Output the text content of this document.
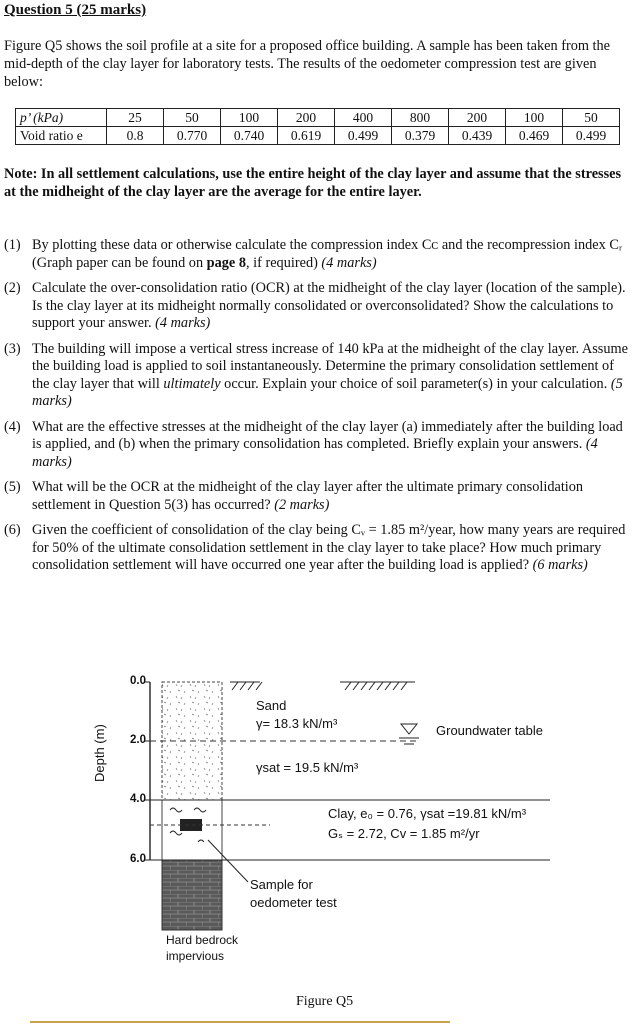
Question 5 (25 marks)
Figure Q5 shows the soil profile at a site for a proposed office building. A sample has been taken from the mid-depth of the clay layer for laboratory tests. The results of the oedometer compression test are given below:
p’ (kPa)	25	50	100	200	400	800	200	100	50
Void ratio e	0.8	0.770	0.740	0.619	0.499	0.379	0.439	0.469	0.499
Note: In all settlement calculations, use the entire height of the clay layer and assume that the stresses at the midheight of the clay layer are the average for the entire layer.
(1) By plotting these data or otherwise calculate the compression index Cᴄ and the recompression index Cᵣ (Graph paper can be found on page 8, if required) (4 marks)
(2) Calculate the over-consolidation ratio (OCR) at the midheight of the clay layer (location of the sample). Is the clay layer at its midheight normally consolidated or overconsolidated? Show the calculations to support your answer. (4 marks)
(3) The building will impose a vertical stress increase of 140 kPa at the midheight of the clay layer. Assume the building load is applied to soil instantaneously. Determine the primary consolidation settlement of the clay layer that will ultimately occur. Explain your choice of soil parameter(s) in your calculation. (5 marks)
(4) What are the effective stresses at the midheight of the clay layer (a) immediately after the building load is applied, and (b) when the primary consolidation has completed. Briefly explain your answers. (4 marks)
(5) What will be the OCR at the midheight of the clay layer after the ultimate primary consolidation settlement in Question 5(3) has occurred? (2 marks)
(6) Given the coefficient of consolidation of the clay being Cᵥ = 1.85 m²/year, how many years are required for 50% of the ultimate consolidation settlement in the clay layer to take place? How much primary consolidation settlement will have occurred one year after the building load is applied? (6 marks)
Depth (m)
0.0
2.0
4.0
6.0
Sand
γ= 18.3 kN/m³
γsat = 19.5 kN/m³
Groundwater table
Clay, e₀ = 0.76, γsat =19.81 kN/m³
Gₛ = 2.72, Cv = 1.85 m²/yr
Sample for
oedometer test
Hard bedrock
impervious
Figure Q5
